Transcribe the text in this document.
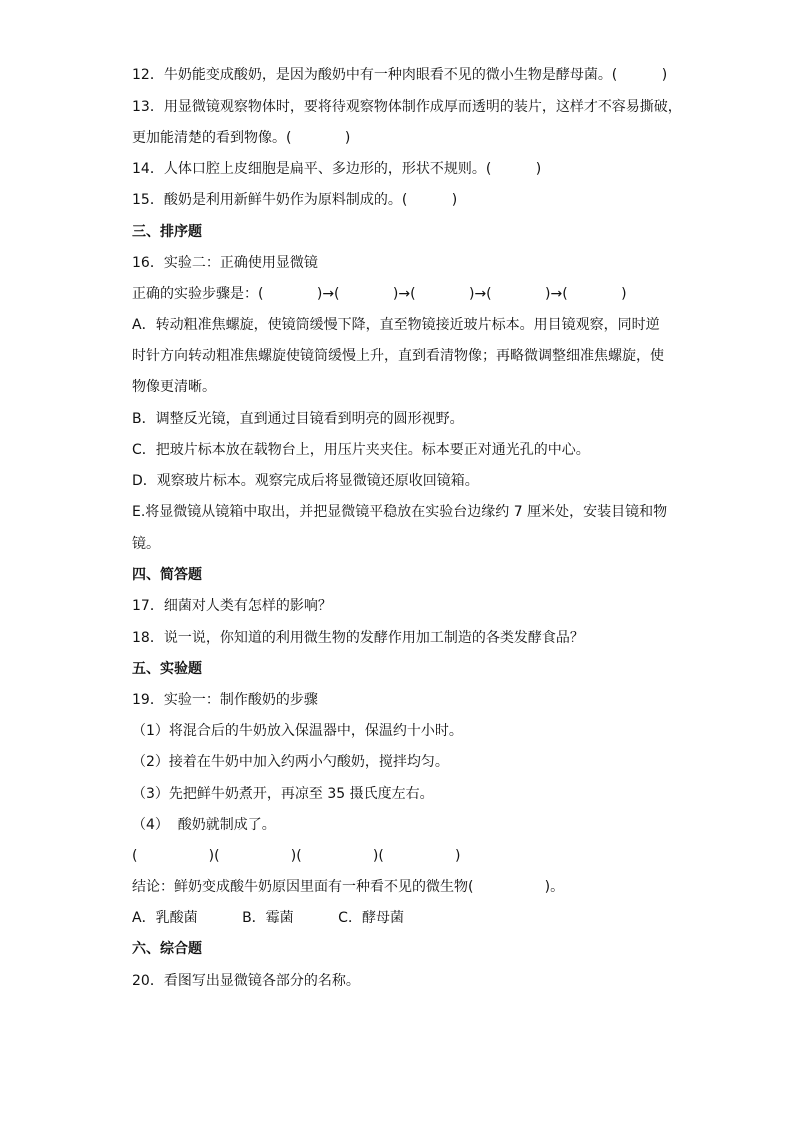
12．牛奶能变成酸奶，是因为酸奶中有一种肉眼看不见的微小生物是酵母菌。(          )
13．用显微镜观察物体时，要将待观察物体制作成厚而透明的装片，这样才不容易撕破，
更加能清楚的看到物像。(            )
14．人体口腔上皮细胞是扁平、多边形的，形状不规则。(          )
15．酸奶是利用新鲜牛奶作为原料制成的。(          )
三、排序题
16．实验二：正确使用显微镜
正确的实验步骤是：(            )→(            )→(            )→(            )→(            )
A．转动粗准焦螺旋，使镜筒缓慢下降，直至物镜接近玻片标本。用目镜观察，同时逆
时针方向转动粗准焦螺旋使镜筒缓慢上升，直到看清物像；再略微调整细准焦螺旋，使
物像更清晰。
B．调整反光镜，直到通过目镜看到明亮的圆形视野。
C．把玻片标本放在载物台上，用压片夹夹住。标本要正对通光孔的中心。
D．观察玻片标本。观察完成后将显微镜还原收回镜箱。
E.将显微镜从镜箱中取出，并把显微镜平稳放在实验台边缘约 7 厘米处，安装目镜和物
镜。
四、简答题
17．细菌对人类有怎样的影响？
18．说一说，你知道的利用微生物的发酵作用加工制造的各类发酵食品？
五、实验题
19．实验一：制作酸奶的步骤
（1）将混合后的牛奶放入保温器中，保温约十小时。
（2）接着在牛奶中加入约两小勺酸奶，搅拌均匀。
（3）先把鲜牛奶煮开，再凉至 35 摄氏度左右。
（4）  酸奶就制成了。
(                )(                )(                )(                )
结论：鲜奶变成酸牛奶原因里面有一种看不见的微生物(                )。
A．乳酸菌          B．霉菌          C．酵母菌
六、综合题
20．看图写出显微镜各部分的名称。
